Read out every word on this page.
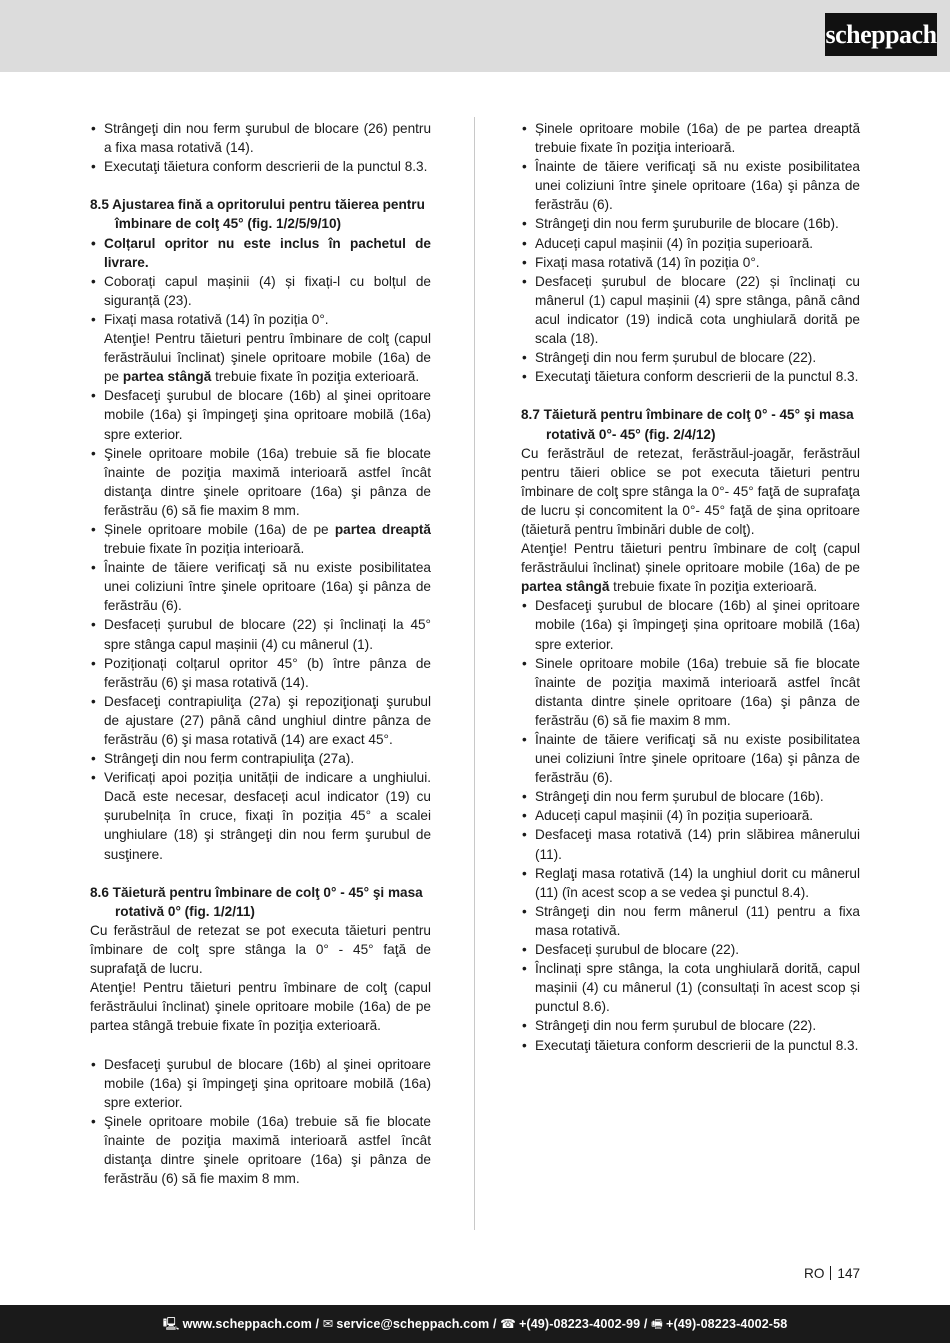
scheppach
• Strângeţi din nou ferm şurubul de blocare (26) pentru a fixa masa rotativă (14).
• Executaţi tăietura conform descrierii de la punctul 8.3.
8.5 Ajustarea fină a opritorului pentru tăierea pentru îmbinare de colţ 45° (fig. 1/2/5/9/10)
• Colțarul opritor nu este inclus în pachetul de livrare.
• Coborați capul mașinii (4) și fixați-l cu bolțul de siguranță (23).
• Fixați masa rotativă (14) în poziția 0°.
Atenţie! Pentru tăieturi pentru îmbinare de colţ (capul ferăstrăului înclinat) şinele opritoare mobile (16a) de pe partea stângă trebuie fixate în poziţia exterioară.
• Desfaceţi şurubul de blocare (16b) al şinei opritoare mobile (16a) şi împingeţi şina opritoare mobilă (16a) spre exterior.
• Şinele opritoare mobile (16a) trebuie să fie blocate înainte de poziţia maximă interioară astfel încât distanţa dintre şinele opritoare (16a) şi pânza de ferăstrău (6) să fie maxim 8 mm.
• Șinele opritoare mobile (16a) de pe partea dreaptă trebuie fixate în poziția interioară.
• Înainte de tăiere verificaţi să nu existe posibilitatea unei coliziuni între şinele opritoare (16a) şi pânza de ferăstrău (6).
• Desfaceți șurubul de blocare (22) și înclinați la 45° spre stânga capul mașinii (4) cu mânerul (1).
• Poziționați colțarul opritor 45° (b) între pânza de ferăstrău (6) şi masa rotativă (14).
• Desfaceţi contrapiuliţa (27a) şi repoziţionaţi şurubul de ajustare (27) până când unghiul dintre pânza de ferăstrău (6) şi masa rotativă (14) are exact 45°.
• Strângeţi din nou ferm contrapiuliţa (27a).
• Verificați apoi poziția unității de indicare a unghiului. Dacă este necesar, desfaceți acul indicator (19) cu șurubelnița în cruce, fixați în poziția 45° a scalei unghiulare (18) şi strângeţi din nou ferm şurubul de susţinere.
8.6 Tăietură pentru îmbinare de colţ 0° - 45° şi masa rotativă 0° (fig. 1/2/11)
Cu ferăstrăul de retezat se pot executa tăieturi pentru îmbinare de colţ spre stânga la 0° - 45° faţă de suprafaţă de lucru.
Atenţie! Pentru tăieturi pentru îmbinare de colţ (capul ferăstrăului înclinat) şinele opritoare mobile (16a) de pe partea stângă trebuie fixate în poziţia exterioară.
• Desfaceţi şurubul de blocare (16b) al şinei opritoare mobile (16a) şi împingeţi şina opritoare mobilă (16a) spre exterior.
• Şinele opritoare mobile (16a) trebuie să fie blocate înainte de poziţia maximă interioară astfel încât distanţa dintre şinele opritoare (16a) şi pânza de ferăstrău (6) să fie maxim 8 mm.
• Șinele opritoare mobile (16a) de pe partea dreaptă trebuie fixate în poziţia interioară.
• Înainte de tăiere verificaţi să nu existe posibilitatea unei coliziuni între şinele opritoare (16a) şi pânza de ferăstrău (6).
• Strângeţi din nou ferm şuruburile de blocare (16b).
• Aduceți capul mașinii (4) în poziția superioară.
• Fixați masa rotativă (14) în poziția 0°.
• Desfaceți șurubul de blocare (22) și înclinați cu mânerul (1) capul mașinii (4) spre stânga, până când acul indicator (19) indică cota unghiulară dorită pe scala (18).
• Strângeţi din nou ferm șurubul de blocare (22).
• Executaţi tăietura conform descrierii de la punctul 8.3.
8.7 Tăietură pentru îmbinare de colţ 0° - 45° şi masa rotativă 0°- 45° (fig. 2/4/12)
Cu ferăstrăul de retezat, ferăstrăul-joagăr, ferăstrăul pentru tăieri oblice se pot executa tăieturi pentru îmbinare de colţ spre stânga la 0°- 45° faţă de suprafaţa de lucru și concomitent la 0°- 45° faţă de şina opritoare (tăietură pentru îmbinări duble de colţ).
Atenţie! Pentru tăieturi pentru îmbinare de colţ (capul ferăstrăului înclinat) șinele opritoare mobile (16a) de pe partea stângă trebuie fixate în poziţia exterioară.
• Desfaceţi şurubul de blocare (16b) al şinei opritoare mobile (16a) şi împingeţi șina opritoare mobilă (16a) spre exterior.
• Sinele opritoare mobile (16a) trebuie să fie blocate înainte de poziţia maximă interioară astfel încât distanta dintre șinele opritoare (16a) şi pânza de ferăstrău (6) să fie maxim 8 mm.
• Înainte de tăiere verificaţi să nu existe posibilitatea unei coliziuni între şinele opritoare (16a) şi pânza de ferăstrău (6).
• Strângeţi din nou ferm șurubul de blocare (16b).
• Aduceți capul mașinii (4) în poziția superioară.
• Desfaceţi masa rotativă (14) prin slăbirea mânerului (11).
• Reglaţi masa rotativă (14) la unghiul dorit cu mânerul (11) (în acest scop a se vedea şi punctul 8.4).
• Strângeţi din nou ferm mânerul (11) pentru a fixa masa rotativă.
• Desfaceți șurubul de blocare (22).
• Înclinați spre stânga, la cota unghiulară dorită, capul mașinii (4) cu mânerul (1) (consultați în acest scop și punctul 8.6).
• Strângeţi din nou ferm șurubul de blocare (22).
• Executaţi tăietura conform descrierii de la punctul 8.3.
RO 147
🖳 www.scheppach.com / ✉ service@scheppach.com / ☎ +(49)-08223-4002-99 / 🖷 +(49)-08223-4002-58
